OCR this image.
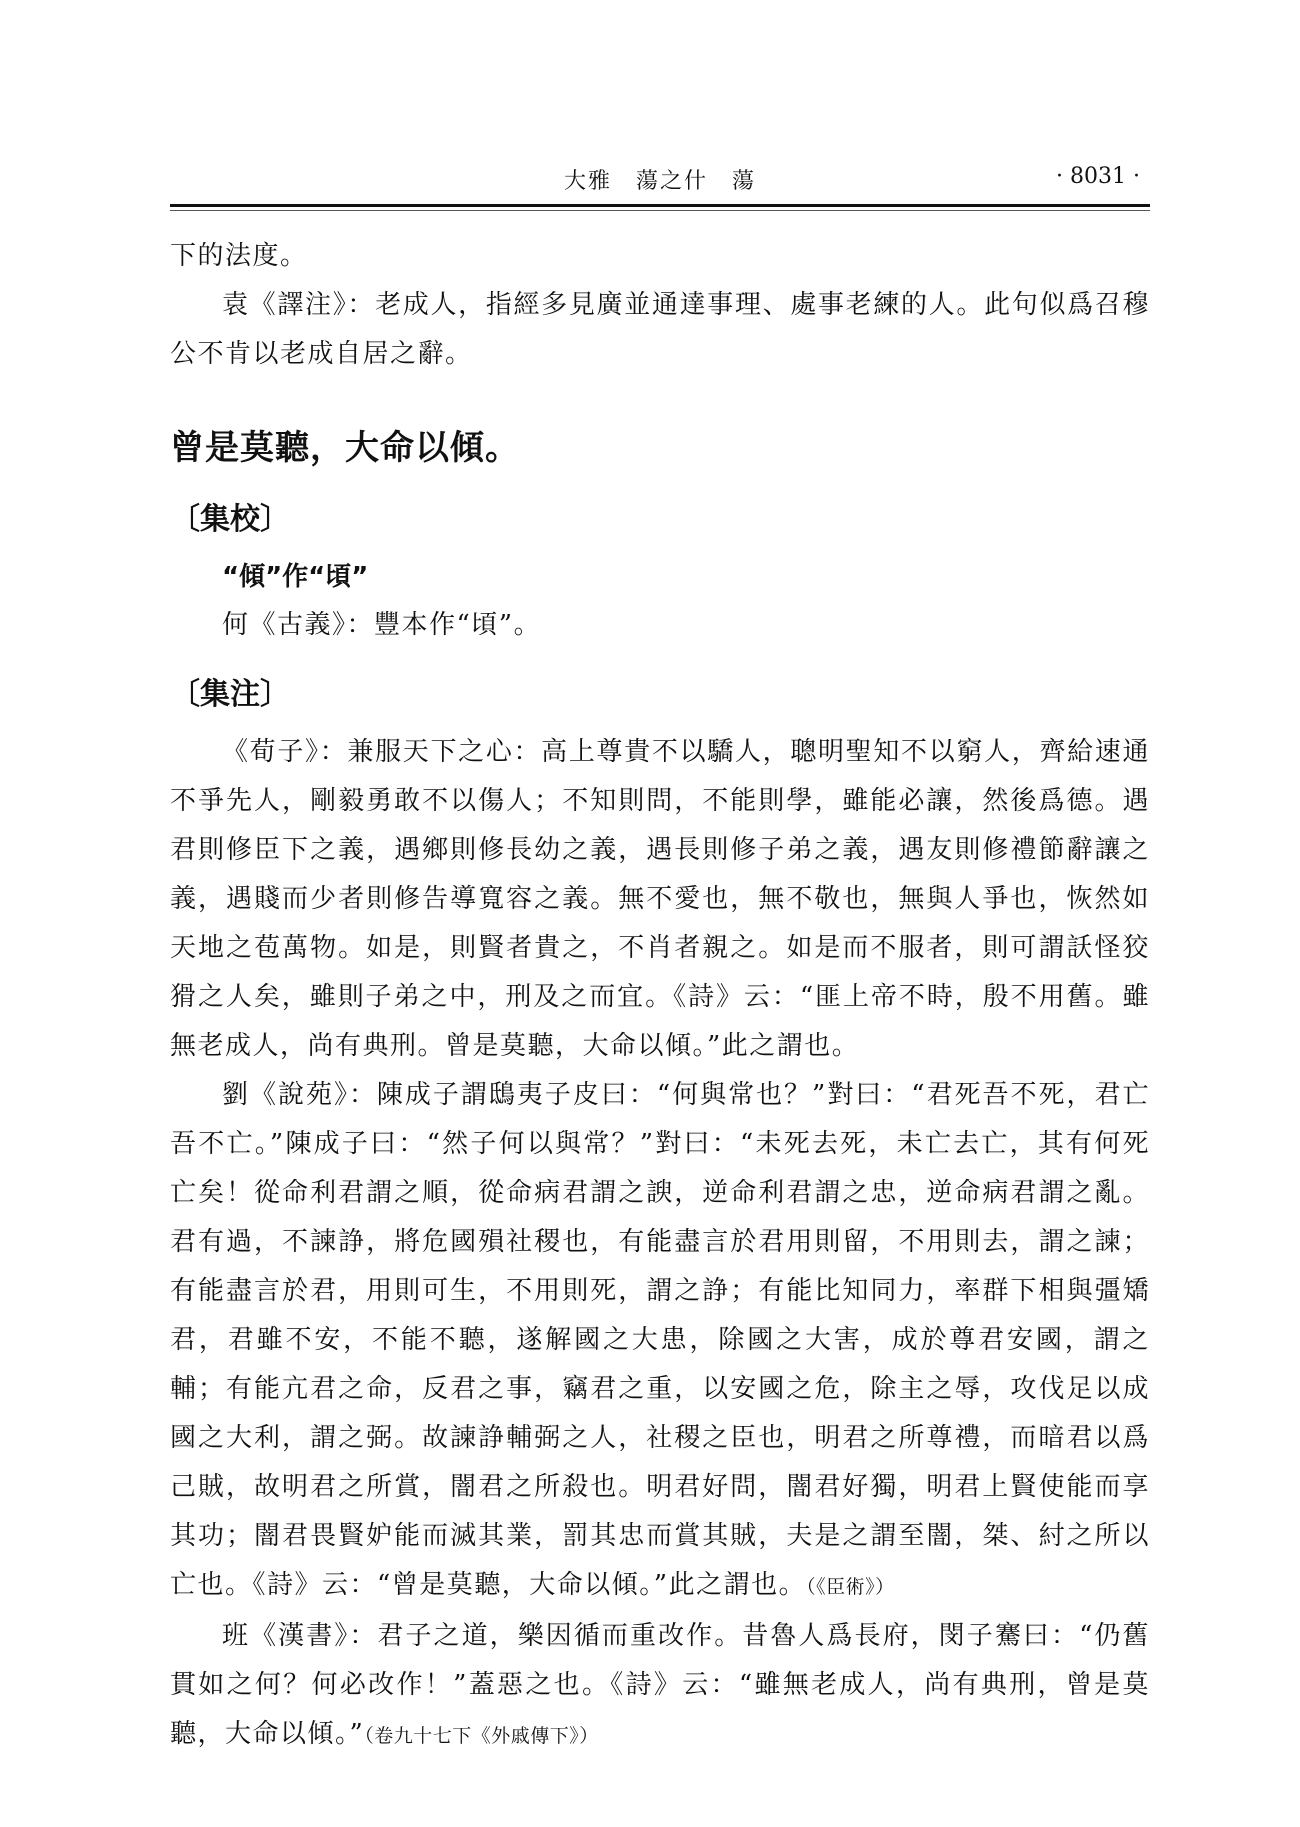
大雅　蕩之什　蕩	· 8031 ·

下的法度。

袁《譯注》：老成人，指經多見廣並通達事理、處事老練的人。此句似爲召穆公不肯以老成自居之辭。

曾是莫聽，大命以傾。
〔集校〕
“傾”作“頃”

何《古義》：豐本作“頃”。

〔集注〕

《荀子》：兼服天下之心：高上尊貴不以驕人，聰明聖知不以窮人，齊給速通不爭先人，剛毅勇敢不以傷人；不知則問，不能則學，雖能必讓，然後爲德。遇君則修臣下之義，遇鄉則修長幼之義，遇長則修子弟之義，遇友則修禮節辭讓之義，遇賤而少者則修告導寬容之義。無不愛也，無不敬也，無與人爭也，恢然如天地之苞萬物。如是，則賢者貴之，不肖者親之。如是而不服者，則可謂訞怪狡猾之人矣，雖則子弟之中，刑及之而宜。《詩》云：“匪上帝不時，殷不用舊。雖無老成人，尚有典刑。曾是莫聽，大命以傾。”此之謂也。

劉《說苑》：陳成子謂鴟夷子皮曰：“何與常也？”對曰：“君死吾不死，君亡吾不亡。”陳成子曰：“然子何以與常？”對曰：“未死去死，未亡去亡，其有何死亡矣！從命利君謂之順，從命病君謂之諛，逆命利君謂之忠，逆命病君謂之亂。君有過，不諫諍，將危國殞社稷也，有能盡言於君用則留，不用則去，謂之諫；有能盡言於君，用則可生，不用則死，謂之諍；有能比知同力，率群下相與彊矯君，君雖不安，不能不聽，遂解國之大患，除國之大害，成於尊君安國，謂之輔；有能亢君之命，反君之事，竊君之重，以安國之危，除主之辱，攻伐足以成國之大利，謂之弼。故諫諍輔弼之人，社稷之臣也，明君之所尊禮，而暗君以爲己賊，故明君之所賞，闇君之所殺也。明君好問，闇君好獨，明君上賢使能而享其功；闇君畏賢妒能而滅其業，罰其忠而賞其賊，夫是之謂至闇，桀、紂之所以亡也。《詩》云：“曾是莫聽，大命以傾。”此之謂也。（《臣術》）

班《漢書》：君子之道，樂因循而重改作。昔魯人爲長府，閔子騫曰：“仍舊貫如之何？何必改作！”蓋惡之也。《詩》云：“雖無老成人，尚有典刑，曾是莫聽，大命以傾。”（卷九十七下《外戚傳下》）
